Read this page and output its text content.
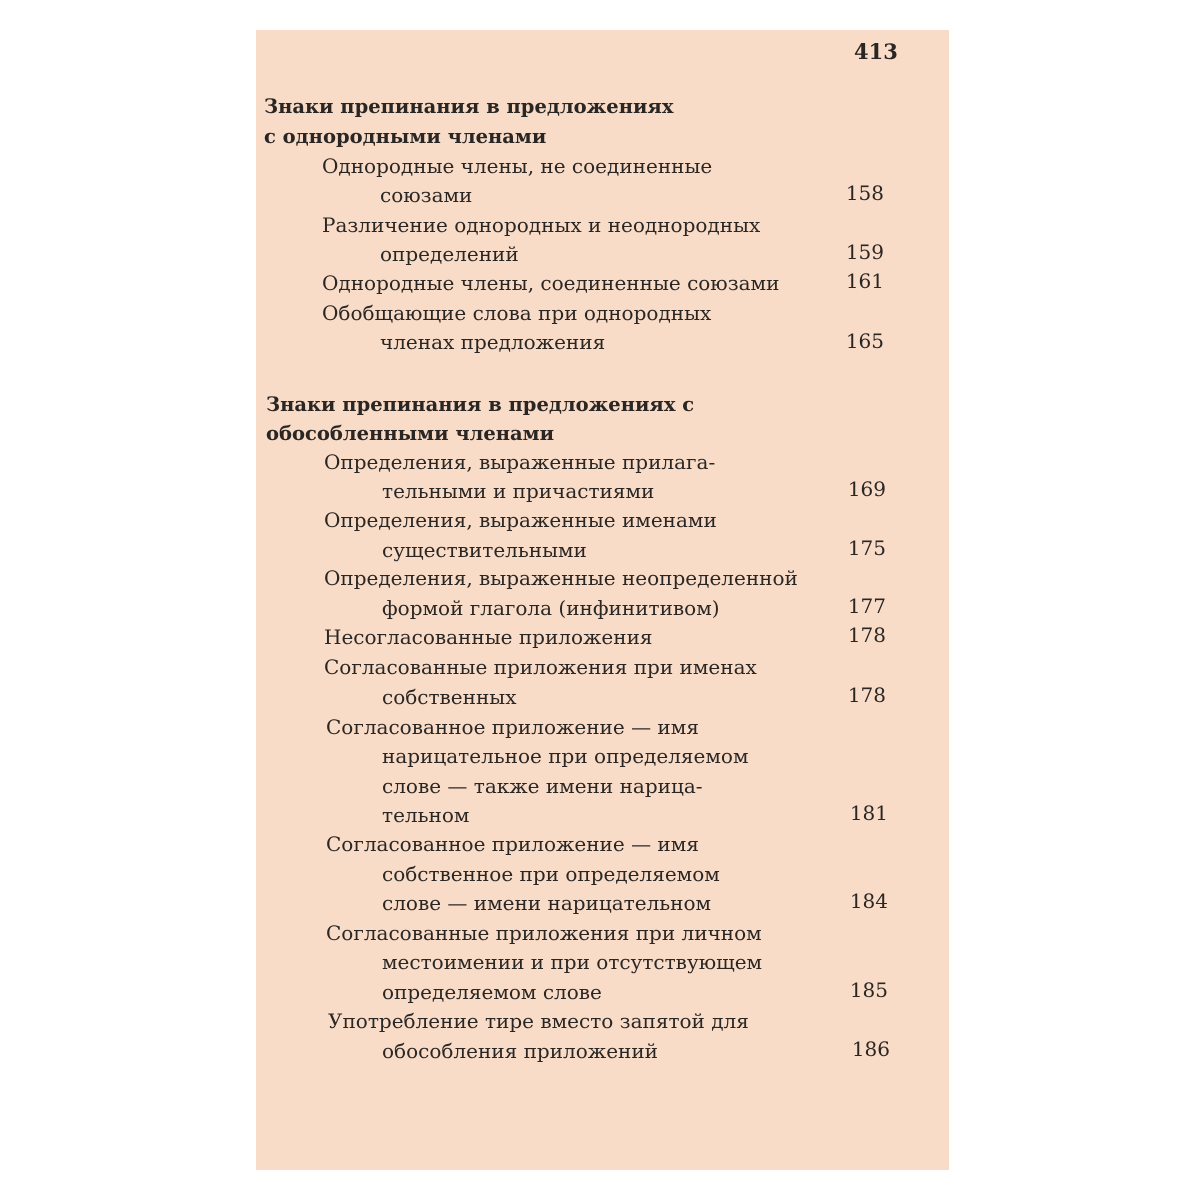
413
Знаки препинания в предложениях
с однородными членами
Однородные члены, не соединенные
союзами	158
Различение однородных и неоднородных
определений	159
Однородные члены, соединенные союзами	161
Обобщающие слова при однородных
членах предложения	165
Знаки препинания в предложениях с
обособленными членами
Определения, выраженные прилага-
тельными и причастиями	169
Определения, выраженные именами
существительными	175
Определения, выраженные неопределенной
формой глагола (инфинитивом)	177
Несогласованные приложения	178
Согласованные приложения при именах
собственных	178
Согласованное приложение — имя
нарицательное при определяемом
слове — также имени нарица-
тельном	181
Согласованное приложение — имя
собственное при определяемом
слове — имени нарицательном	184
Согласованные приложения при личном
местоимении и при отсутствующем
определяемом слове	185
Употребление тире вместо запятой для
обособления приложений	186
